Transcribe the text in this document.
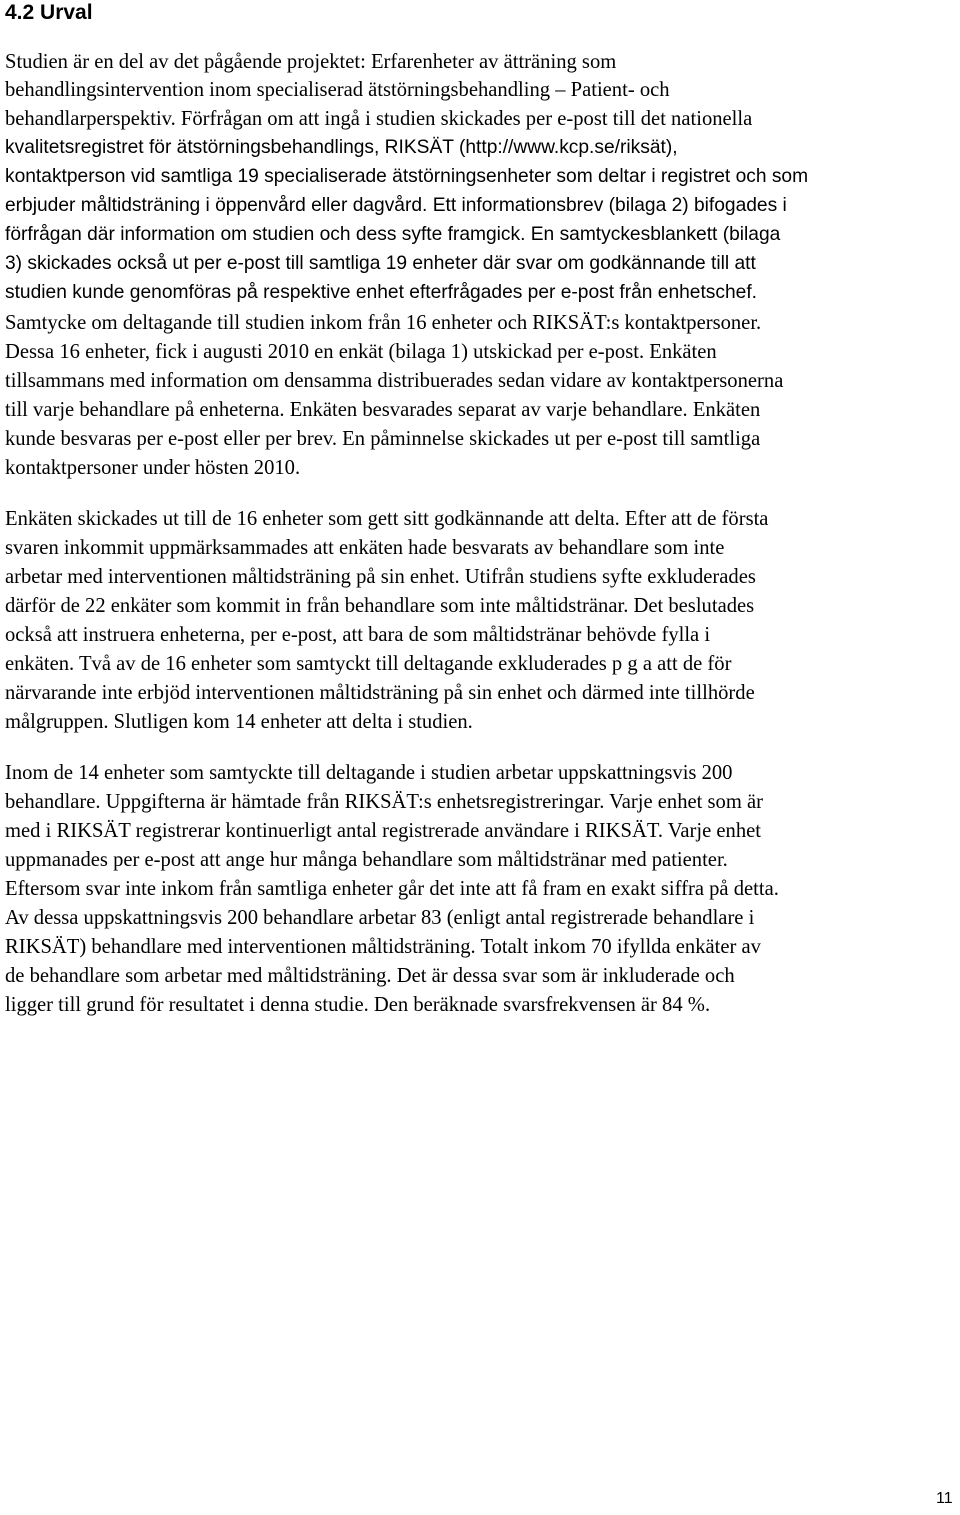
4.2 Urval

Studien är en del av det pågående projektet: Erfarenheter av ätträning som

behandlingsintervention inom specialiserad ätstörningsbehandling – Patient- och

behandlarperspektiv. Förfrågan om att ingå i studien skickades per e-post till det nationella

kvalitetsregistret för ätstörningsbehandlings, RIKSÄT (http://www.kcp.se/riksät),

kontaktperson vid samtliga 19 specialiserade ätstörningsenheter som deltar i registret och som

erbjuder måltidsträning i öppenvård eller dagvård. Ett informationsbrev (bilaga 2) bifogades i

förfrågan där information om studien och dess syfte framgick. En samtyckesblankett (bilaga

3) skickades också ut per e-post till samtliga 19 enheter där svar om godkännande till att

studien kunde genomföras på respektive enhet efterfrågades per e-post från enhetschef.

Samtycke om deltagande till studien inkom från 16 enheter och RIKSÄT:s kontaktpersoner.

Dessa 16 enheter, fick i augusti 2010 en enkät (bilaga 1) utskickad per e-post. Enkäten

tillsammans med information om densamma distribuerades sedan vidare av kontaktpersonerna

till varje behandlare på enheterna. Enkäten besvarades separat av varje behandlare. Enkäten

kunde besvaras per e-post eller per brev. En påminnelse skickades ut per e-post till samtliga

kontaktpersoner under hösten 2010.

Enkäten skickades ut till de 16 enheter som gett sitt godkännande att delta. Efter att de första

svaren inkommit uppmärksammades att enkäten hade besvarats av behandlare som inte

arbetar med interventionen måltidsträning på sin enhet. Utifrån studiens syfte exkluderades

därför de 22 enkäter som kommit in från behandlare som inte måltidstränar. Det beslutades

också att instruera enheterna, per e-post, att bara de som måltidstränar behövde fylla i

enkäten. Två av de 16 enheter som samtyckt till deltagande exkluderades p g a att de för

närvarande inte erbjöd interventionen måltidsträning på sin enhet och därmed inte tillhörde

målgruppen. Slutligen kom 14 enheter att delta i studien.

Inom de 14 enheter som samtyckte till deltagande i studien arbetar uppskattningsvis 200

behandlare. Uppgifterna är hämtade från RIKSÄT:s enhetsregistreringar. Varje enhet som är

med i RIKSÄT registrerar kontinuerligt antal registrerade användare i RIKSÄT. Varje enhet

uppmanades per e-post att ange hur många behandlare som måltidstränar med patienter.

Eftersom svar inte inkom från samtliga enheter går det inte att få fram en exakt siffra på detta.

Av dessa uppskattningsvis 200 behandlare arbetar 83 (enligt antal registrerade behandlare i

RIKSÄT) behandlare med interventionen måltidsträning. Totalt inkom 70 ifyllda enkäter av

de behandlare som arbetar med måltidsträning. Det är dessa svar som är inkluderade och

ligger till grund för resultatet i denna studie. Den beräknade svarsfrekvensen är 84 %.

11
